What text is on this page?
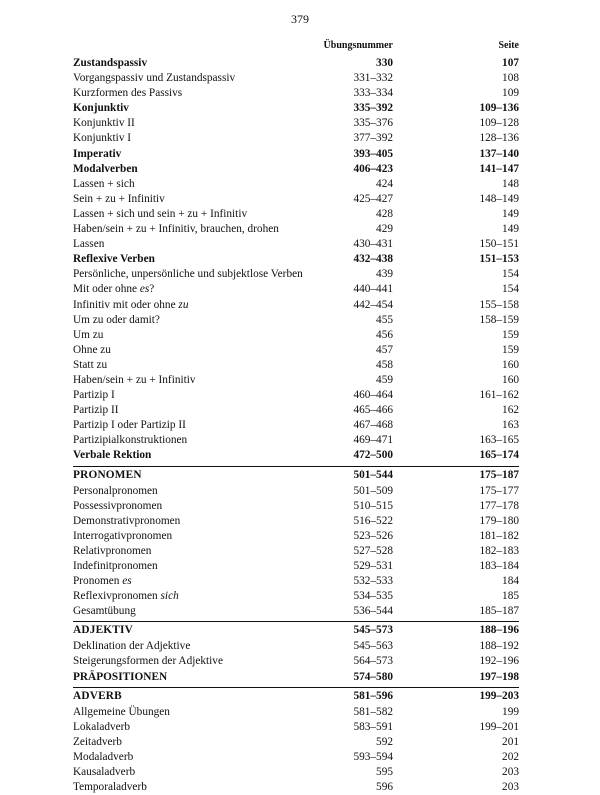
379
Übungsnummer	Seite
Zustandspassiv	330	107
Vorgangspassiv und Zustandspassiv	331–332	108
Kurzformen des Passivs	333–334	109
Konjunktiv	335–392	109–136
Konjunktiv II	335–376	109–128
Konjunktiv I	377–392	128–136
Imperativ	393–405	137–140
Modalverben	406–423	141–147
Lassen + sich	424	148
Sein + zu + Infinitiv	425–427	148–149
Lassen + sich und sein + zu + Infinitiv	428	149
Haben/sein + zu + Infinitiv, brauchen, drohen	429	149
Lassen	430–431	150–151
Reflexive Verben	432–438	151–153
Persönliche, unpersönliche und subjektlose Verben	439	154
Mit oder ohne es?	440–441	154
Infinitiv mit oder ohne zu	442–454	155–158
Um zu oder damit?	455	158–159
Um zu	456	159
Ohne zu	457	159
Statt zu	458	160
Haben/sein + zu + Infinitiv	459	160
Partizip I	460–464	161–162
Partizip II	465–466	162
Partizip I oder Partizip II	467–468	163
Partizipialkonstruktionen	469–471	163–165
Verbale Rektion	472–500	165–174
PRONOMEN	501–544	175–187
Personalpronomen	501–509	175–177
Possessivpronomen	510–515	177–178
Demonstrativpronomen	516–522	179–180
Interrogativpronomen	523–526	181–182
Relativpronomen	527–528	182–183
Indefinitpronomen	529–531	183–184
Pronomen es	532–533	184
Reflexivpronomen sich	534–535	185
Gesamtübung	536–544	185–187
ADJEKTIV	545–573	188–196
Deklination der Adjektive	545–563	188–192
Steigerungsformen der Adjektive	564–573	192–196
PRÄPOSITIONEN	574–580	197–198
ADVERB	581–596	199–203
Allgemeine Übungen	581–582	199
Lokaladverb	583–591	199–201
Zeitadverb	592	201
Modaladverb	593–594	202
Kausaladverb	595	203
Temporaladverb	596	203
